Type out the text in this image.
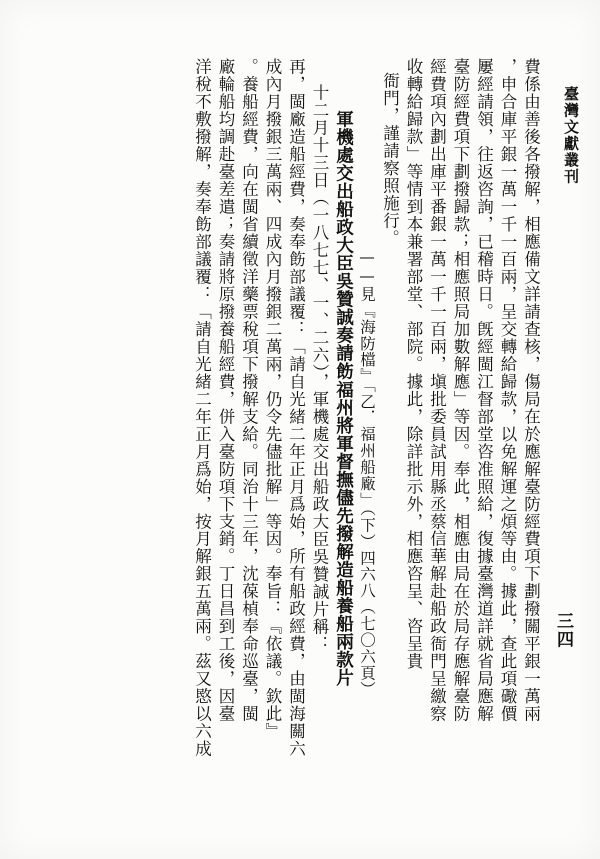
臺灣文獻叢刊
三四
費係由善後各撥解，相應備文詳請查核，傷局在於應解臺防經費項下劃撥關平銀一萬兩
，申合庫平銀一萬一千一百兩，呈交轉給歸款，以免解運之煩等由。據此，查此項礮價
屢經請領，往返咨詢，已稽時日。旣經閩江督部堂咨准照給，復據臺灣道詳就省局應解
臺防經費項下劃撥歸款；相應照局加數解應」等因。奉此，相應由局在於局存應解臺防
經費項內劃出庫平番銀一萬一千一百兩，塡批委員試用縣丞蔡信華解赴船政衙門呈繳察
收轉給歸款」等情到本兼署部堂、部院。據此，除詳批示外，相應咨呈、咨呈貴
衙門，謹請察照施行。
——見『海防檔』「乙．福州船廠」（下）四六八（七〇六頁）
軍機處交出船政大臣吳贊誠奏請飭福州將軍督撫儘先撥解造船養船兩款片
十二月十三日（一八七七、一、二六），軍機處交出船政大臣吳贊誠片稱：
再，閩廠造船經費，奏奉飭部議覆：「請自光緒二年正月爲始，所有船政經費，由閩海關六
成內月撥銀三萬兩、四成內月撥銀二萬兩，仍令先儘批解」等因。奉旨：『依議。欽此』
。養船經費，向在閩省續徵洋藥票稅項下撥解支給。同治十三年，沈葆楨奉命巡臺，閩
廠輪船均調赴臺差遣；奏請將原撥養船經費，併入臺防項下支銷。丁日昌到工後，因臺
洋稅不敷撥解，奏奉飭部議覆：「請自光緒二年正月爲始，按月解銀五萬兩。茲又愍以六成
